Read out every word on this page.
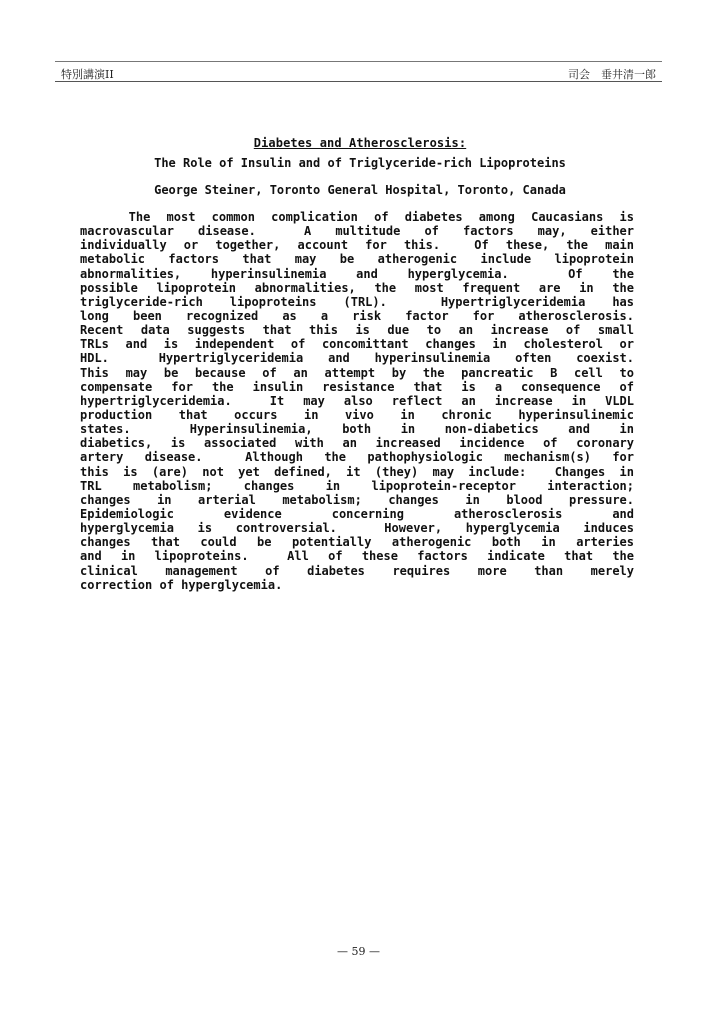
特別講演II	司会　垂井清一郎
Diabetes and Atherosclerosis:
The Role of Insulin and of Triglyceride-rich Lipoproteins
George Steiner, Toronto General Hospital, Toronto, Canada
The most common complication of diabetes among Caucasians is
macrovascular disease.  A multitude of factors may, either
individually or together, account for this.  Of these, the main
metabolic factors that may be atherogenic include lipoprotein
abnormalities, hyperinsulinemia and hyperglycemia.  Of the
possible lipoprotein abnormalities, the most frequent are in the
triglyceride-rich lipoproteins (TRL).  Hypertriglyceridemia has
long been recognized as a risk factor for atherosclerosis.
Recent data suggests that this is due to an increase of small
TRLs and is independent of concomittant changes in cholesterol or
HDL.  Hypertriglyceridemia and hyperinsulinemia often coexist.
This may be because of an attempt by the pancreatic B cell to
compensate for the insulin resistance that is a consequence of
hypertriglyceridemia.  It may also reflect an increase in VLDL
production that occurs in vivo in chronic hyperinsulinemic
states.  Hyperinsulinemia, both in non-diabetics and in
diabetics, is associated with an increased incidence of coronary
artery disease.  Although the pathophysiologic mechanism(s) for
this is (are) not yet defined, it (they) may include:  Changes in
TRL metabolism; changes in lipoprotein-receptor interaction;
changes in arterial metabolism; changes in blood pressure.
Epidemiologic evidence concerning atherosclerosis and
hyperglycemia is controversial.  However, hyperglycemia induces
changes that could be potentially atherogenic both in arteries
and in lipoproteins.  All of these factors indicate that the
clinical management of diabetes requires more than merely
correction of hyperglycemia.
— 59 —
